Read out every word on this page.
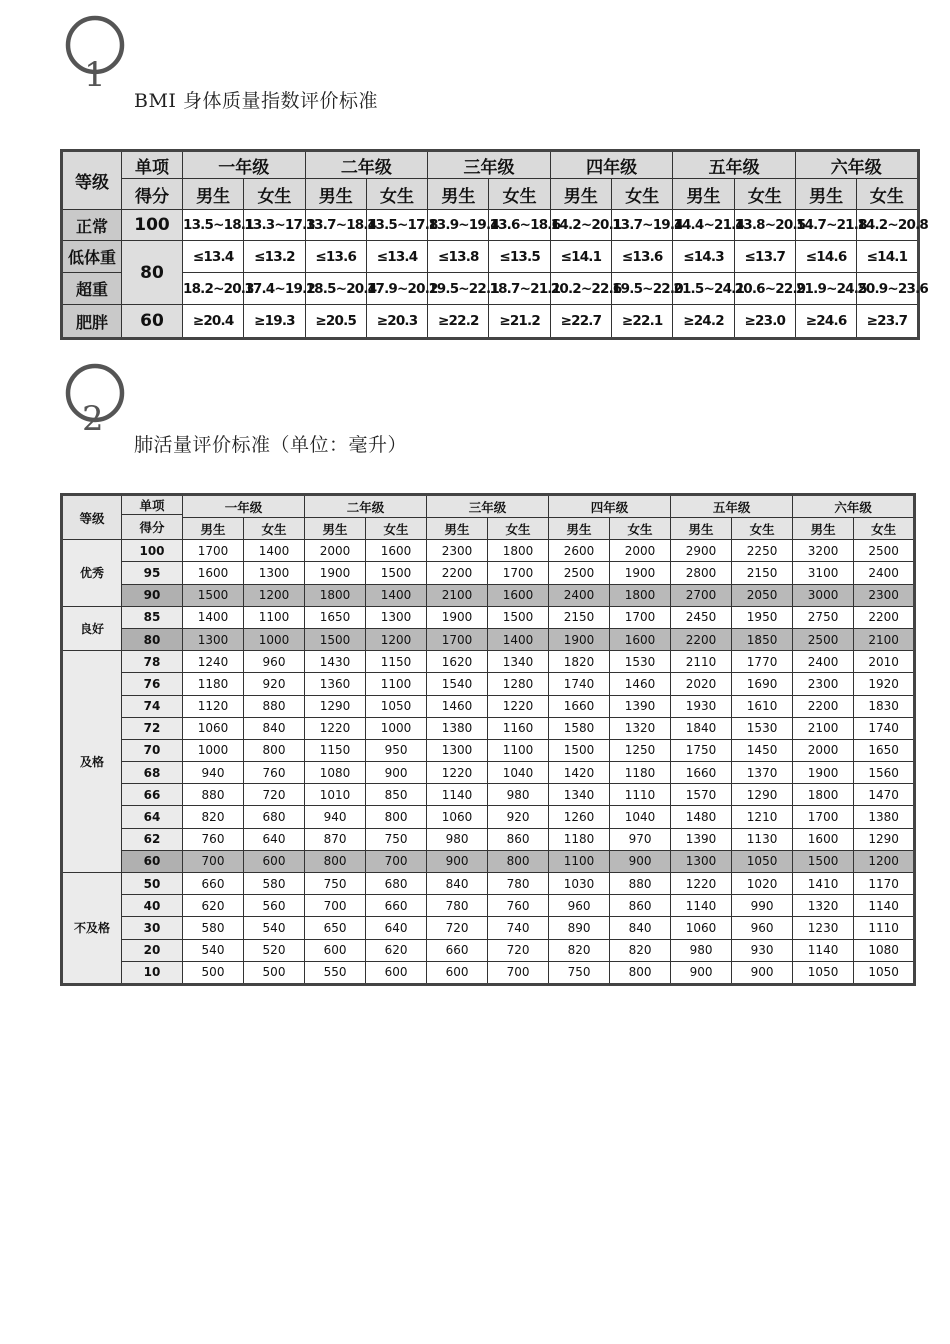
1
BMI 身体质量指数评价标准
等级	单项	一年级		二年级		三年级		四年级		五年级		六年级	
	得分												
		男生	女生	男生	女生	男生	女生	男生	女生	男生	女生	男生	女生
正常	100	13.5~18.1	13.3~17.3	13.7~18.4	13.5~17.8	13.9~19.4	13.6~18.6	14.2~20.1	13.7~19.4	14.4~21.4	13.8~20.5	14.7~21.8	14.2~20.8
低体重	80	≤13.4	≤13.2	≤13.6	≤13.4	≤13.8	≤13.5	≤14.1	≤13.6	≤14.3	≤13.7	≤14.6	≤14.1
超重		18.2~20.3	17.4~19.2	18.5~20.4	17.9~20.2	19.5~22.1	18.7~21.1	20.2~22.6	19.5~22.0	21.5~24.1	20.6~22.9	21.9~24.5	20.9~23.6
肥胖	60	≥20.4	≥19.3	≥20.5	≥20.3	≥22.2	≥21.2	≥22.7	≥22.1	≥24.2	≥23.0	≥24.6	≥23.7
2
肺活量评价标准（单位：毫升）
等级	单项	一年级		二年级		三年级		四年级		五年级		六年级	
	得分												
		男生	女生	男生	女生	男生	女生	男生	女生	男生	女生	男生	女生
优秀	100	1700	1400	2000	1600	2300	1800	2600	2000	2900	2250	3200	2500
	95	1600	1300	1900	1500	2200	1700	2500	1900	2800	2150	3100	2400
	90	1500	1200	1800	1400	2100	1600	2400	1800	2700	2050	3000	2300
良好	85	1400	1100	1650	1300	1900	1500	2150	1700	2450	1950	2750	2200
	80	1300	1000	1500	1200	1700	1400	1900	1600	2200	1850	2500	2100
及格	78	1240	960	1430	1150	1620	1340	1820	1530	2110	1770	2400	2010
	76	1180	920	1360	1100	1540	1280	1740	1460	2020	1690	2300	1920
	74	1120	880	1290	1050	1460	1220	1660	1390	1930	1610	2200	1830
	72	1060	840	1220	1000	1380	1160	1580	1320	1840	1530	2100	1740
	70	1000	800	1150	950	1300	1100	1500	1250	1750	1450	2000	1650
	68	940	760	1080	900	1220	1040	1420	1180	1660	1370	1900	1560
	66	880	720	1010	850	1140	980	1340	1110	1570	1290	1800	1470
	64	820	680	940	800	1060	920	1260	1040	1480	1210	1700	1380
	62	760	640	870	750	980	860	1180	970	1390	1130	1600	1290
	60	700	600	800	700	900	800	1100	900	1300	1050	1500	1200
不及格	50	660	580	750	680	840	780	1030	880	1220	1020	1410	1170
	40	620	560	700	660	780	760	960	860	1140	990	1320	1140
	30	580	540	650	640	720	740	890	840	1060	960	1230	1110
	20	540	520	600	620	660	720	820	820	980	930	1140	1080
	10	500	500	550	600	600	700	750	800	900	900	1050	1050
